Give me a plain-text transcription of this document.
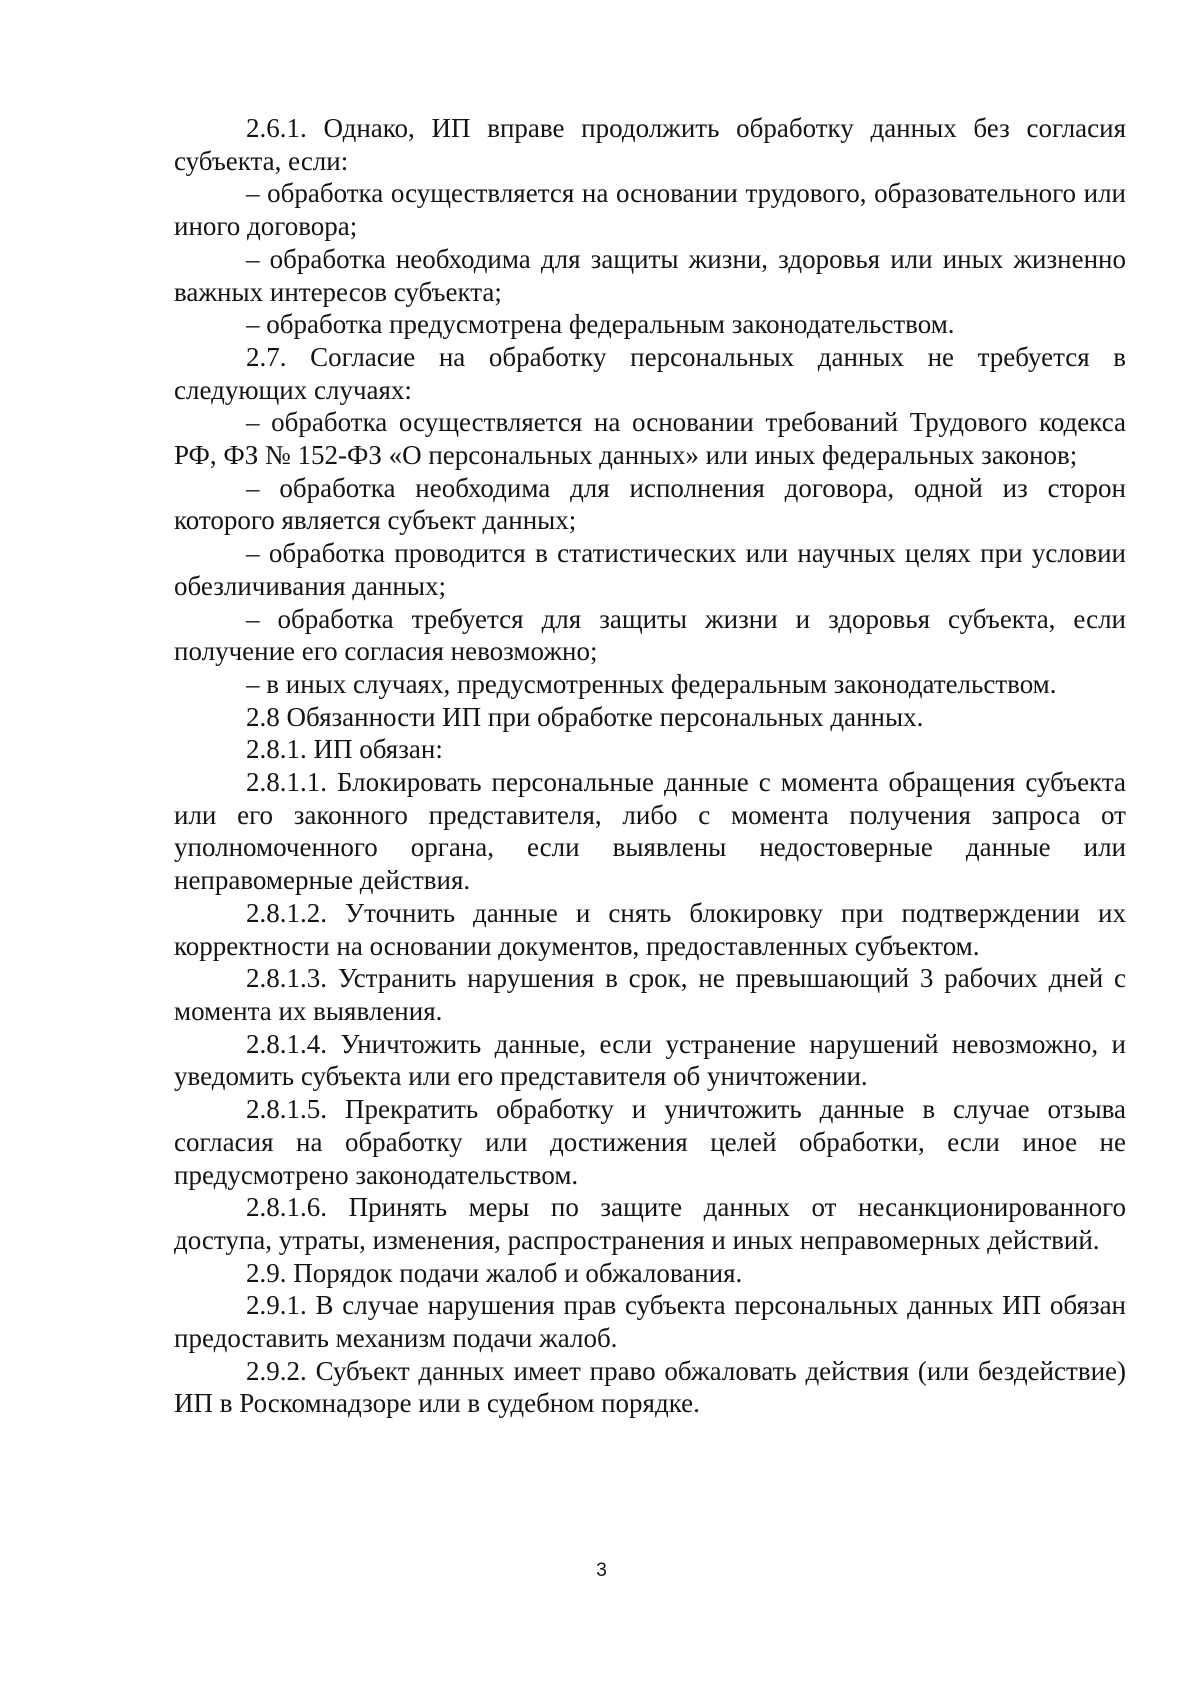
2.6.1. Однако, ИП вправе продолжить обработку данных без согласия субъекта, если:

– обработка осуществляется на основании трудового, образовательного или иного договора;

– обработка необходима для защиты жизни, здоровья или иных жизненно важных интересов субъекта;

– обработка предусмотрена федеральным законодательством.

2.7. Согласие на обработку персональных данных не требуется в следующих случаях:

– обработка осуществляется на основании требований Трудового кодекса РФ, ФЗ № 152-ФЗ «О персональных данных» или иных федеральных законов;

– обработка необходима для исполнения договора, одной из сторон которого является субъект данных;

– обработка проводится в статистических или научных целях при условии обезличивания данных;

– обработка требуется для защиты жизни и здоровья субъекта, если получение его согласия невозможно;

– в иных случаях, предусмотренных федеральным законодательством.

2.8 Обязанности ИП при обработке персональных данных.

2.8.1. ИП обязан:

2.8.1.1. Блокировать персональные данные с момента обращения субъекта или его законного представителя, либо с момента получения запроса от уполномоченного органа, если выявлены недостоверные данные или неправомерные действия.

2.8.1.2. Уточнить данные и снять блокировку при подтверждении их корректности на основании документов, предоставленных субъектом.

2.8.1.3. Устранить нарушения в срок, не превышающий 3 рабочих дней с момента их выявления.

2.8.1.4. Уничтожить данные, если устранение нарушений невозможно, и уведомить субъекта или его представителя об уничтожении.

2.8.1.5. Прекратить обработку и уничтожить данные в случае отзыва согласия на обработку или достижения целей обработки, если иное не предусмотрено законодательством.

2.8.1.6. Принять меры по защите данных от несанкционированного доступа, утраты, изменения, распространения и иных неправомерных действий.

2.9. Порядок подачи жалоб и обжалования.

2.9.1. В случае нарушения прав субъекта персональных данных ИП обязан предоставить механизм подачи жалоб.

2.9.2. Субъект данных имеет право обжаловать действия (или бездействие) ИП в Роскомнадзоре или в судебном порядке.

3
